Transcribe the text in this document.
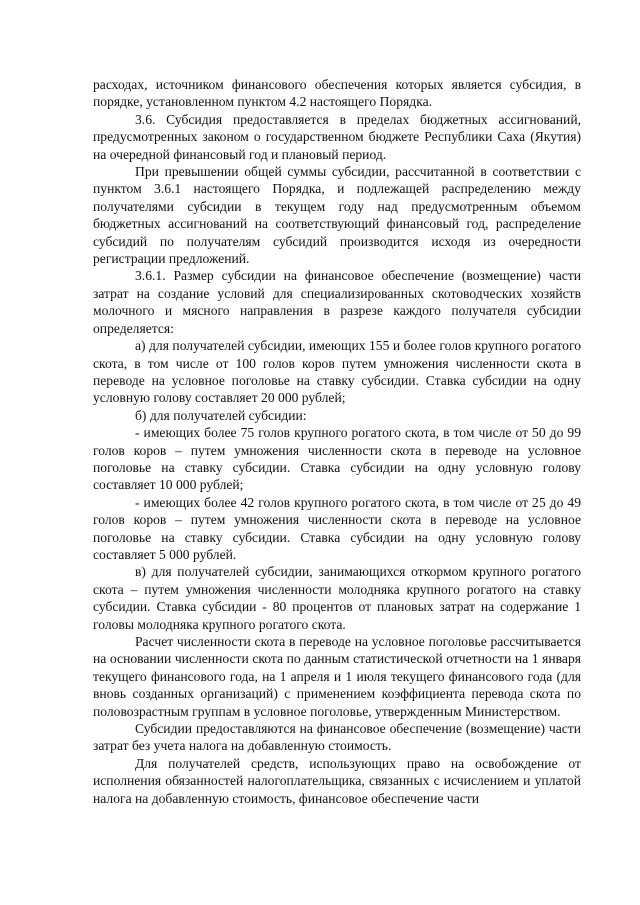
расходах, источником финансового обеспечения которых является субсидия, в порядке, установленном пунктом 4.2 настоящего Порядка.

3.6. Субсидия предоставляется в пределах бюджетных ассигнований, предусмотренных законом о государственном бюджете Республики Саха (Якутия) на очередной финансовый год и плановый период.

При превышении общей суммы субсидии, рассчитанной в соответствии с пунктом 3.6.1 настоящего Порядка, и подлежащей распределению между получателями субсидии в текущем году над предусмотренным объемом бюджетных ассигнований на соответствующий финансовый год, распределение субсидий по получателям субсидий производится исходя из очередности регистрации предложений.

3.6.1. Размер субсидии на финансовое обеспечение (возмещение) части затрат на создание условий для специализированных скотоводческих хозяйств молочного и мясного направления в разрезе каждого получателя субсидии определяется:

а) для получателей субсидии, имеющих 155 и более голов крупного рогатого скота, в том числе от 100 голов коров путем умножения численности скота в переводе на условное поголовье на ставку субсидии. Ставка субсидии на одну условную голову составляет 20 000 рублей;

б) для получателей субсидии:

- имеющих более 75 голов крупного рогатого скота, в том числе от 50 до 99 голов коров – путем умножения численности скота в переводе на условное поголовье на ставку субсидии. Ставка субсидии на одну условную голову составляет 10 000 рублей;

- имеющих более 42 голов крупного рогатого скота, в том числе от 25 до 49 голов коров – путем умножения численности скота в переводе на условное поголовье на ставку субсидии. Ставка субсидии на одну условную голову составляет 5 000 рублей.

в) для получателей субсидии, занимающихся откормом крупного рогатого скота – путем умножения численности молодняка крупного рогатого на ставку субсидии. Ставка субсидии - 80 процентов от плановых затрат на содержание 1 головы молодняка крупного рогатого скота.

Расчет численности скота в переводе на условное поголовье рассчитывается на основании численности скота по данным статистической отчетности на 1 января текущего финансового года, на 1 апреля и 1 июля текущего финансового года (для вновь созданных организаций) с применением коэффициента перевода скота по половозрастным группам в условное поголовье, утвержденным Министерством.

Субсидии предоставляются на финансовое обеспечение (возмещение) части затрат без учета налога на добавленную стоимость.

Для получателей средств, использующих право на освобождение от исполнения обязанностей налогоплательщика, связанных с исчислением и уплатой налога на добавленную стоимость, финансовое обеспечение части
